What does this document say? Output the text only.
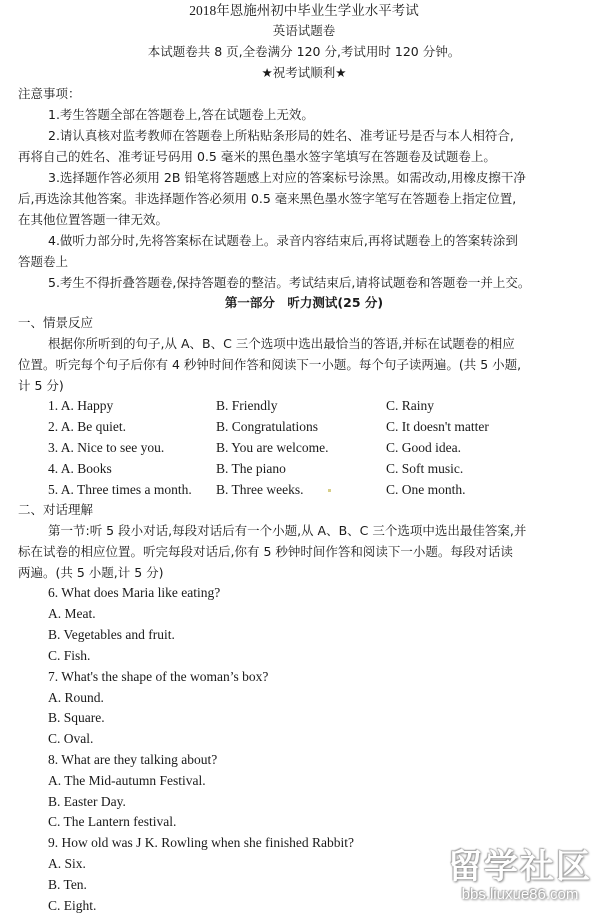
2018年恩施州初中毕业生学业水平考试
英语试题卷
本试题卷共 8 页,全卷满分 120 分,考试用时 120 分钟。
★祝考试顺利★
注意事项：
1.考生答题全部在答题卷上,答在试题卷上无效。
2.请认真核对监考教师在答题卷上所粘贴条形局的姓名、准考证号是否与本人相符合,
再将自己的姓名、准考证号码用 0.5 毫米的黑色墨水签字笔填写在答题卷及试题卷上。
3.选择题作答必须用 2B 铅笔将答题感上对应的答案标号涂黑。如需改动,用橡皮擦干净
后,再选涂其他答案。非选择题作答必须用 0.5 毫来黑色墨水签字笔写在答题卷上指定位置,
在其他位置答题一律无效。
4.做听力部分时,先将答案标在试题卷上。录音内容结束后,再将试题卷上的答案转涂到
答题卷上
5.考生不得折叠答题卷,保持答題卷的整洁。考试结束后,请将试题卷和答题卷一并上交。
第一部分　听力测试(25 分)
一、情景反应
根据你所听到的句子,从 A、B、C 三个选项中选出最恰当的答语,并标在试题卷的相应
位置。听完每个句子后你有 4 秒钟时间作答和阅读下一小题。每个句子读两遍。(共 5 小题,
计 5 分)
1. A. Happy	B. Friendly	C. Rainy
2. A. Be quiet.	B. Congratulations	C. It doesn't matter
3. A. Nice to see you.	B. You are welcome.	C. Good idea.
4. A. Books	B. The piano	C. Soft music.
5. A. Three times a month. B. Three weeks.	C. One month.
二、对话理解
第一节:听 5 段小对话,每段对话后有一个小题,从 A、B、C 三个选项中选出最佳答案,并
标在试卷的相应位置。听完每段对话后,你有 5 秒钟时间作答和阅读下一小题。每段对话读
两遍。(共 5 小题,计 5 分)
6. What does Maria like eating?
A. Meat.
B. Vegetables and fruit.
C. Fish.
7. What's the shape of the woman’s box?
A. Round.
B. Square.
C. Oval.
8. What are they talking about?
A. The Mid-autumn Festival.
B. Easter Day.
C. The Lantern festival.
9. How old was J K. Rowling when she finished Rabbit?
A. Six.
B. Ten.
C. Eight.
留学社区
bbs.liuxue86.com
